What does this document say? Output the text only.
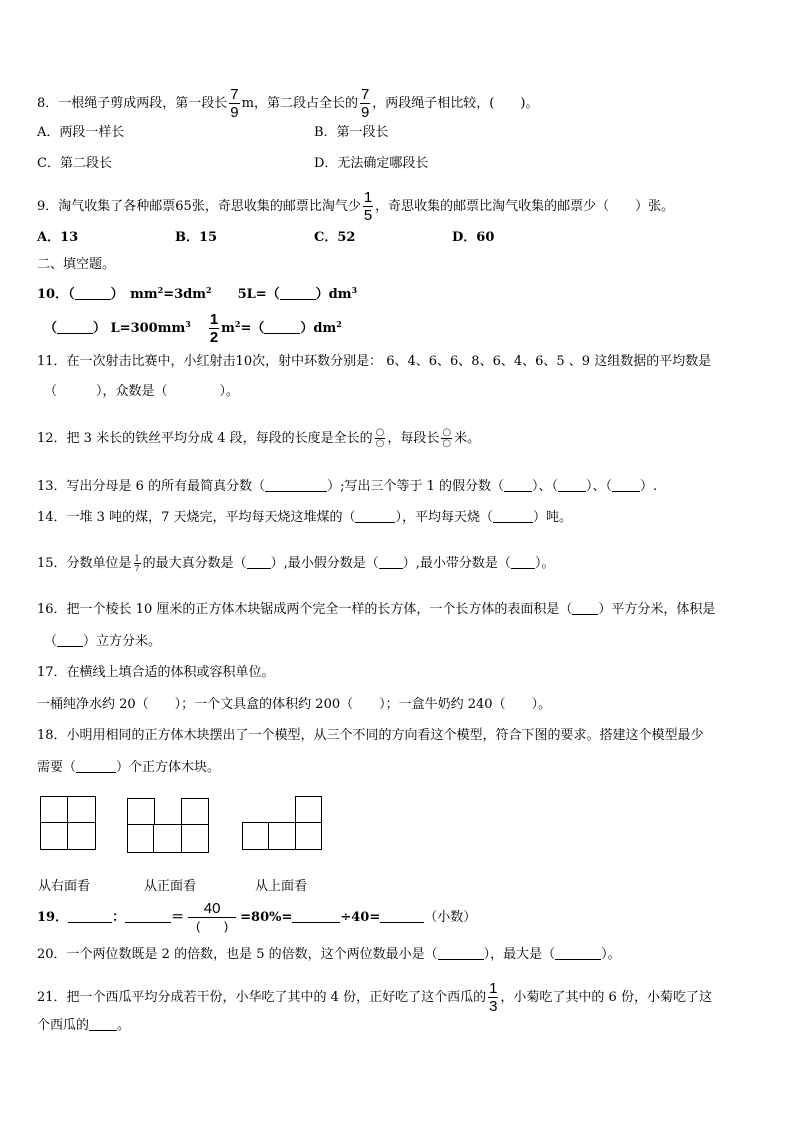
8．一根绳子剪成两段，第一段长 $\frac{7}{9}$ m，第二段占全长的 $\frac{7}{9}$ ，两段绳子相比较，(　　)。
A．两段一样长	B．第一段长
C．第二段长	D．无法确定哪段长
9．淘气收集了各种邮票65张，奇思收集的邮票比淘气少 $\frac{1}{5}$ ，奇思收集的邮票比淘气收集的邮票少（　　）张。
A．13	B．15	C．52	D．60
二、填空题。
10．（	）　$mm^2=3dm^2$ 5L=（	）$dm^3$
（	） $L=300mm^3 \frac{1}{2} m^2=$（	）$dm^2$
11．在一次射击比赛中，小红射击10次，射中环数分别是： 6、4、6、6、8、6、4、6、5 、9 这组数据的平均数是
（　　　），众数是（　　　　）。
12．把 3 米长的铁丝平均分成 4 段，每段的长度是全长的 $\frac{○}{○}$ ，每段长 $\frac{○}{○}$ 米。
13．写出分母是 6 的所有最简真分数（	）;写出三个等于 1 的假分数（ ）、（ ）、（ ）.
14．一堆 3 吨的煤，7 天烧完，平均每天烧这堆煤的（	），平均每天烧（	）吨。
15．分数单位是 $\frac{1}{7}$ 的最大真分数是（ ）,最小假分数是（ ）,最小带分数是（ ）。
16．把一个棱长 10 厘米的正方体木块锯成两个完全一样的长方体，一个长方体的表面积是（ ）平方分米，体积是
（ ）立方分米。
17．在横线上填合适的体积或容积单位。
一桶纯净水约 20（　　）；一个文具盒的体积约 200（　　）；一盒牛奶约 240（　　）。
18．小明用相同的正方体木块摆出了一个模型，从三个不同的方向看这个模型，符合下图的要求。搭建这个模型最少
需要（	）个正方体木块。
从右面看	从正面看	从上面看
19．	：	＝ $\frac{40}{( )} =80\%=$	÷40=	（小数）
20．一个两位数既是 2 的倍数，也是 5 的倍数，这个两位数最小是（	），最大是（	）。
21．把一个西瓜平均分成若干份，小华吃了其中的 4 份，正好吃了这个西瓜的 $\frac{1}{3}$ ，小菊吃了其中的 6 份，小菊吃了这
个西瓜的 。
